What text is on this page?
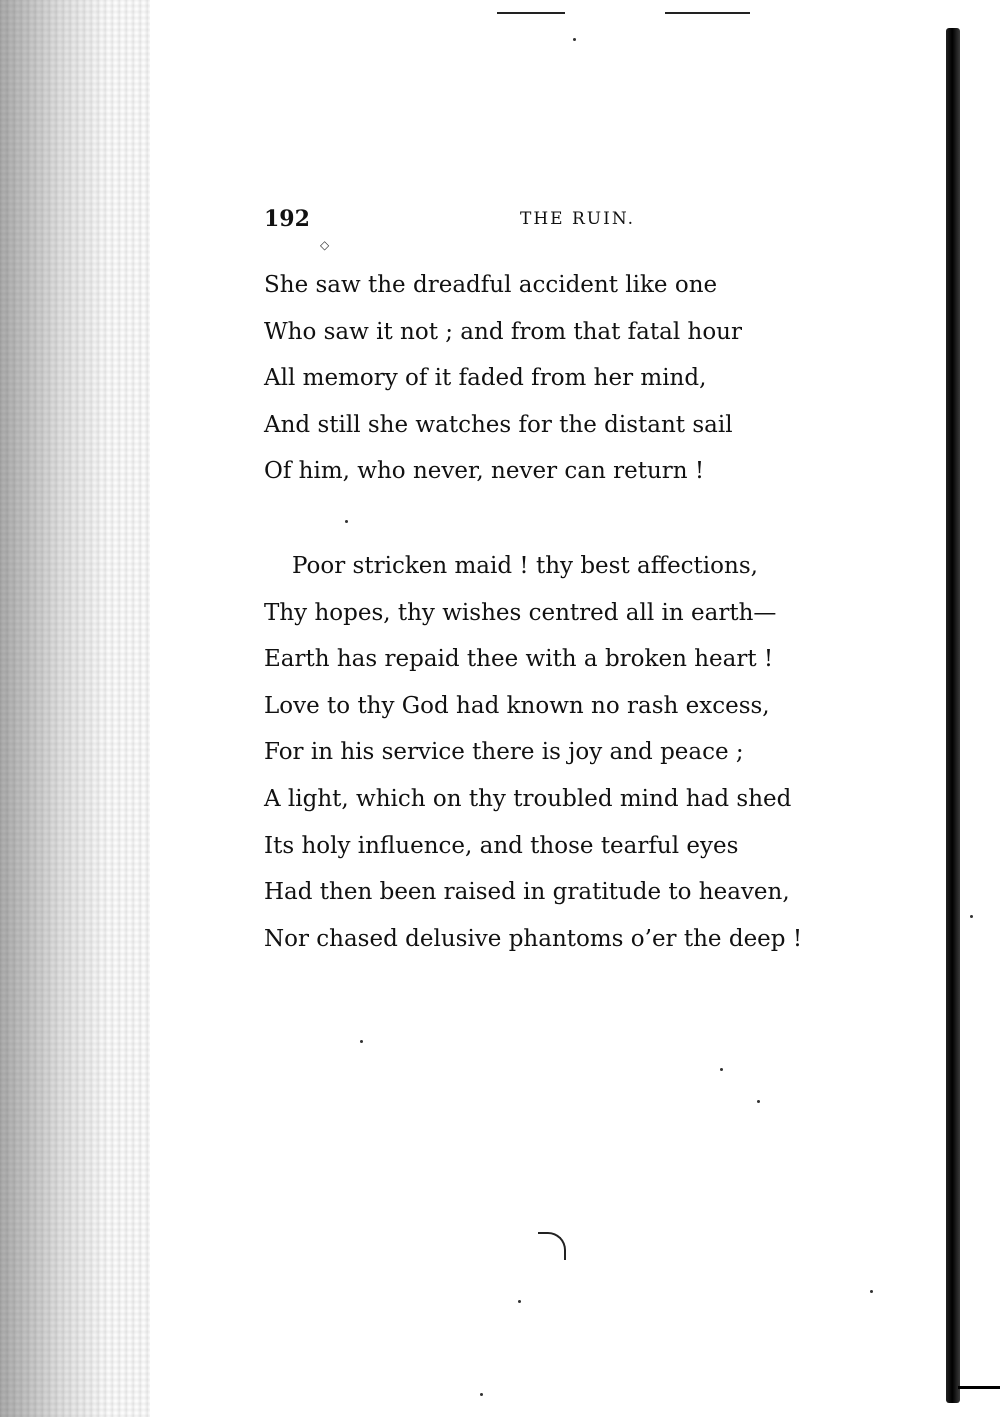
192	THE RUIN.
◇
She saw the dreadful accident like one
Who saw it not ; and from that fatal hour
All memory of it faded from her mind,
And still she watches for the distant sail
Of him, who never, never can return !
Poor stricken maid ! thy best affections,
Thy hopes, thy wishes centred all in earth—
Earth has repaid thee with a broken heart !
Love to thy God had known no rash excess,
For in his service there is joy and peace ;
A light, which on thy troubled mind had shed
Its holy influence, and those tearful eyes
Had then been raised in gratitude to heaven,
Nor chased delusive phantoms o’er the deep !
